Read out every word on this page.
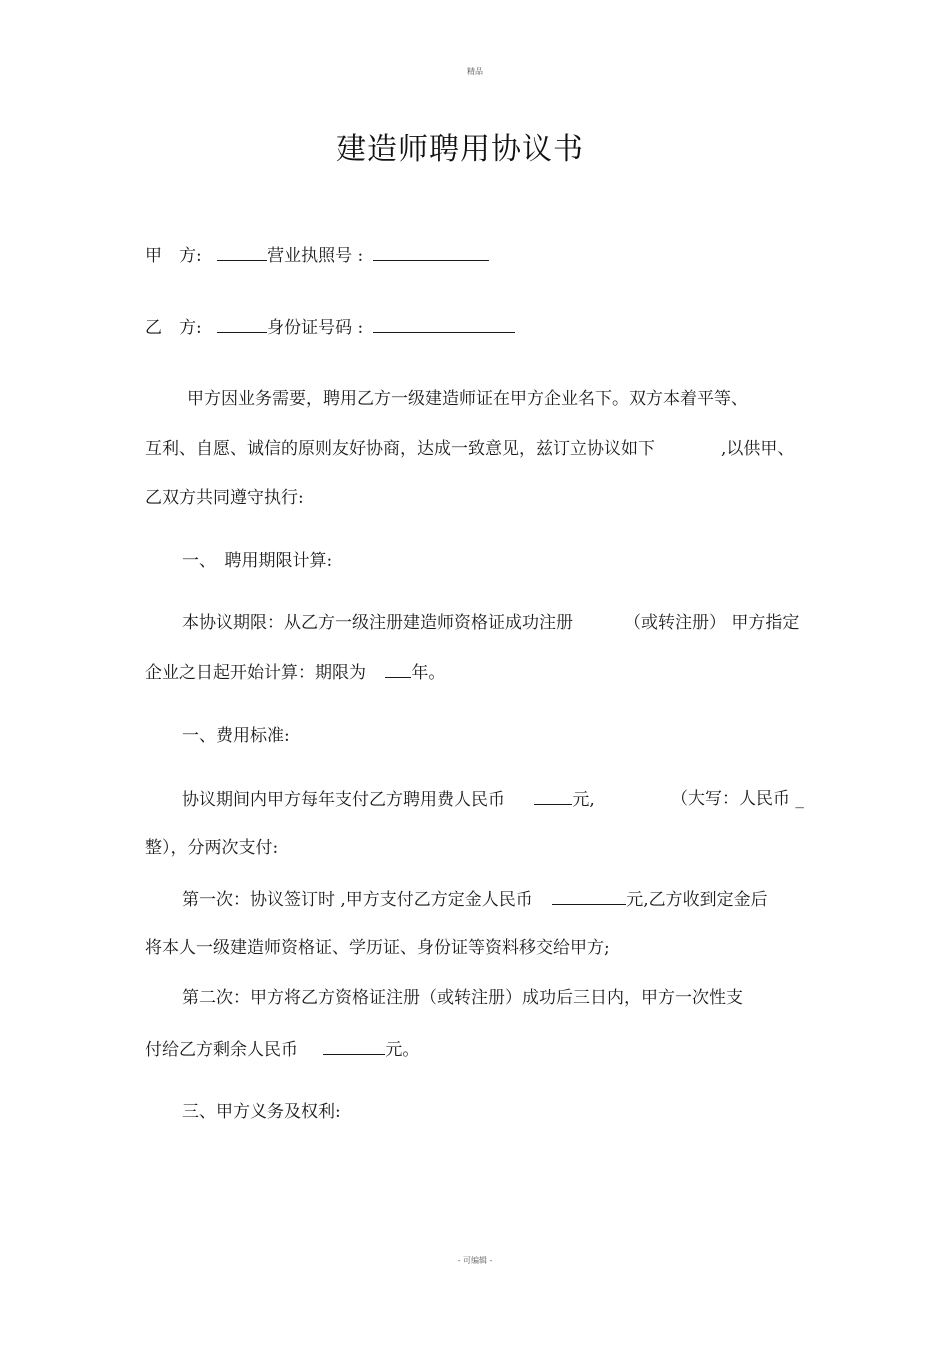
精品
建造师聘用协议书
甲　方:	营业执照号 :
乙　方:	身份证号码 :
甲方因业务需要，聘用乙方一级建造师证在甲方企业名下。双方本着平等、
互利、自愿、诚信的原则友好协商，达成一致意见，兹订立协议如下	,以供甲、
乙双方共同遵守执行:
一、　聘用期限计算:
本协议期限：从乙方一级注册建造师资格证成功注册	（或转注册） 甲方指定
企业之日起开始计算：期限为	年。
一、费用标准:
协议期间内甲方每年支付乙方聘用费人民币	元,	（大写：人民币 _
整），分两次支付:
第一次：协议签订时 ,甲方支付乙方定金人民币	元,乙方收到定金后
将本人一级建造师资格证、学历证、身份证等资料移交给甲方;
第二次：甲方将乙方资格证注册（或转注册）成功后三日内，甲方一次性支
付给乙方剩余人民币	元。
三、甲方义务及权利:
- 可编辑 -
